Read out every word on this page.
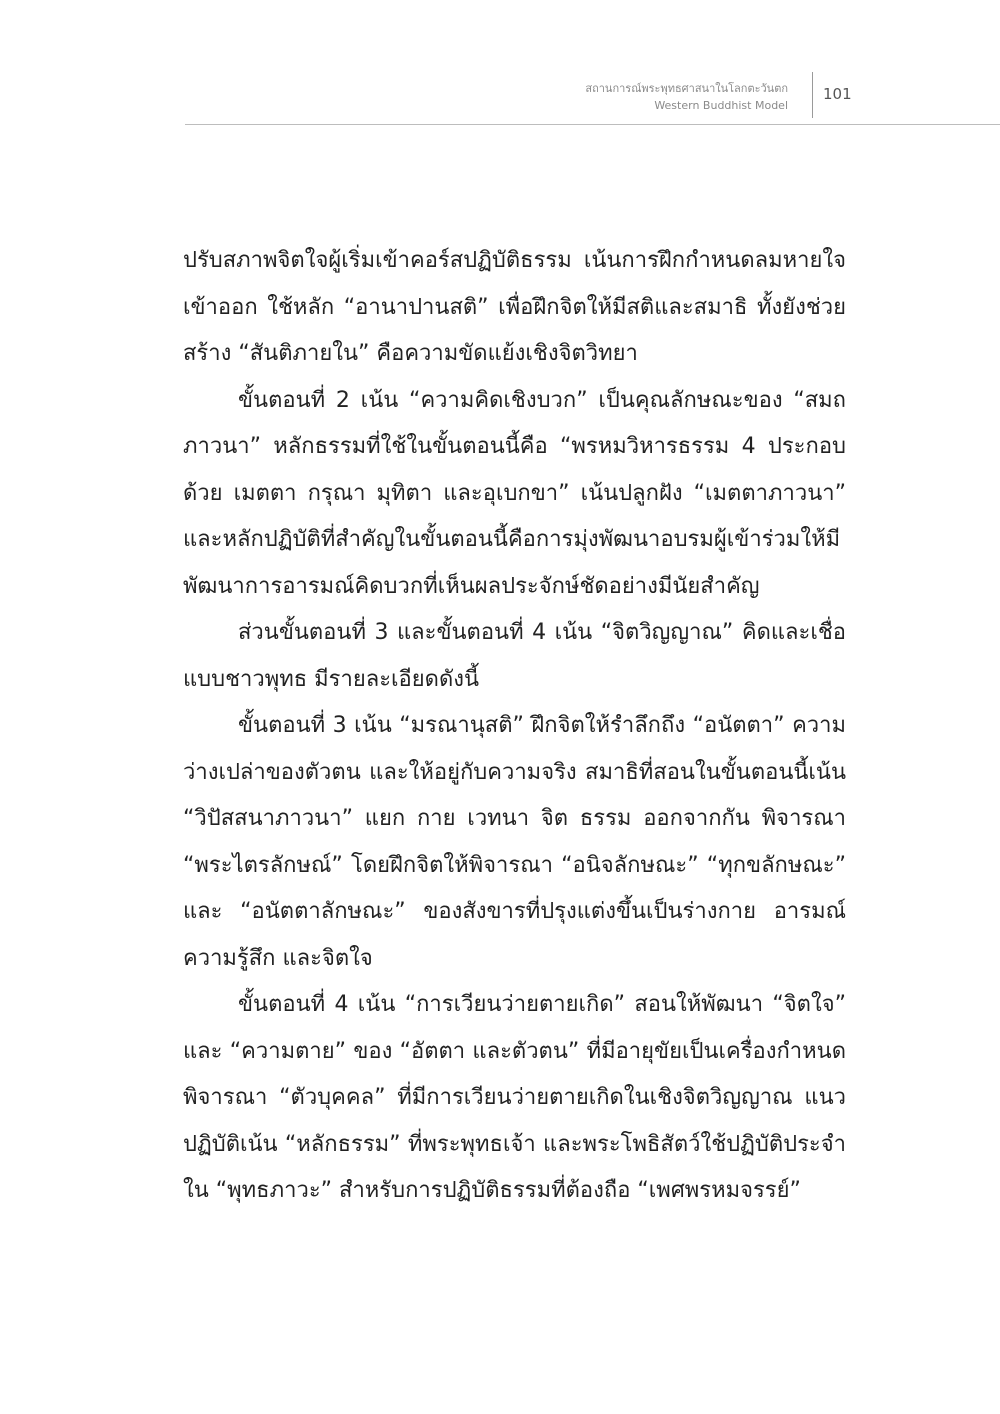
สถานการณ์พระพุทธศาสนาในโลกตะวันตก
Western Buddhist Model
101

ปรับสภาพจิตใจผู้เริ่มเข้าคอร์สปฏิบัติธรรม เน้นการฝึกกำหนดลมหายใจเข้าออก ใช้หลัก “อานาปานสติ” เพื่อฝึกจิตให้มีสติและสมาธิ ทั้งยังช่วยสร้าง “สันติภายใน” คือความขัดแย้งเชิงจิตวิทยา

ขั้นตอนที่ 2 เน้น “ความคิดเชิงบวก” เป็นคุณลักษณะของ “สมถภาวนา” หลักธรรมที่ใช้ในขั้นตอนนี้คือ “พรหมวิหารธรรม 4 ประกอบด้วย เมตตา กรุณา มุทิตา และอุเบกขา” เน้นปลูกฝัง “เมตตาภาวนา” และหลักปฏิบัติที่สำคัญในขั้นตอนนี้คือการมุ่งพัฒนาอบรมผู้เข้าร่วมให้มีพัฒนาการอารมณ์คิดบวกที่เห็นผลประจักษ์ชัดอย่างมีนัยสำคัญ

ส่วนขั้นตอนที่ 3 และขั้นตอนที่ 4 เน้น “จิตวิญญาณ” คิดและเชื่อแบบชาวพุทธ มีรายละเอียดดังนี้

ขั้นตอนที่ 3 เน้น “มรณานุสติ” ฝึกจิตให้รำลึกถึง “อนัตตา” ความว่างเปล่าของตัวตน และให้อยู่กับความจริง สมาธิที่สอนในขั้นตอนนี้เน้น “วิปัสสนาภาวนา” แยก กาย เวทนา จิต ธรรม ออกจากกัน พิจารณา “พระไตรลักษณ์” โดยฝึกจิตให้พิจารณา “อนิจลักษณะ” “ทุกขลักษณะ” และ “อนัตตาลักษณะ” ของสังขารที่ปรุงแต่งขึ้นเป็นร่างกาย อารมณ์ ความรู้สึก และจิตใจ

ขั้นตอนที่ 4 เน้น “การเวียนว่ายตายเกิด” สอนให้พัฒนา “จิตใจ” และ “ความตาย” ของ “อัตตา และตัวตน” ที่มีอายุขัยเป็นเครื่องกำหนดพิจารณา “ตัวบุคคล” ที่มีการเวียนว่ายตายเกิดในเชิงจิตวิญญาณ แนวปฏิบัติเน้น “หลักธรรม” ที่พระพุทธเจ้า และพระโพธิสัตว์ใช้ปฏิบัติประจำใน “พุทธภาวะ” สำหรับการปฏิบัติธรรมที่ต้องถือ “เพศพรหมจรรย์”
